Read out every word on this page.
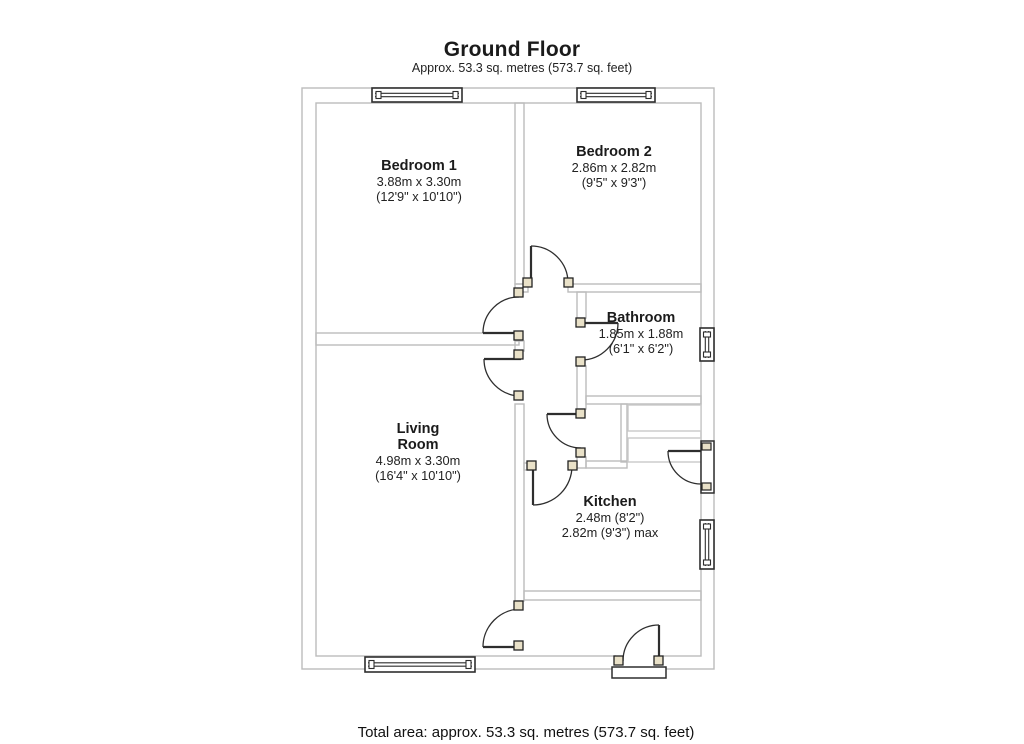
Ground Floor
Approx. 53.3 sq. metres (573.7 sq. feet)
Bedroom 1
3.88m x 3.30m
(12'9" x 10'10")
Bedroom 2
2.86m x 2.82m
(9'5" x 9'3")
Bathroom
1.85m x 1.88m
(6'1" x 6'2")
Living
Room
4.98m x 3.30m
(16'4" x 10'10")
Kitchen
2.48m (8'2")
2.82m (9'3") max
Total area: approx. 53.3 sq. metres (573.7 sq. feet)
